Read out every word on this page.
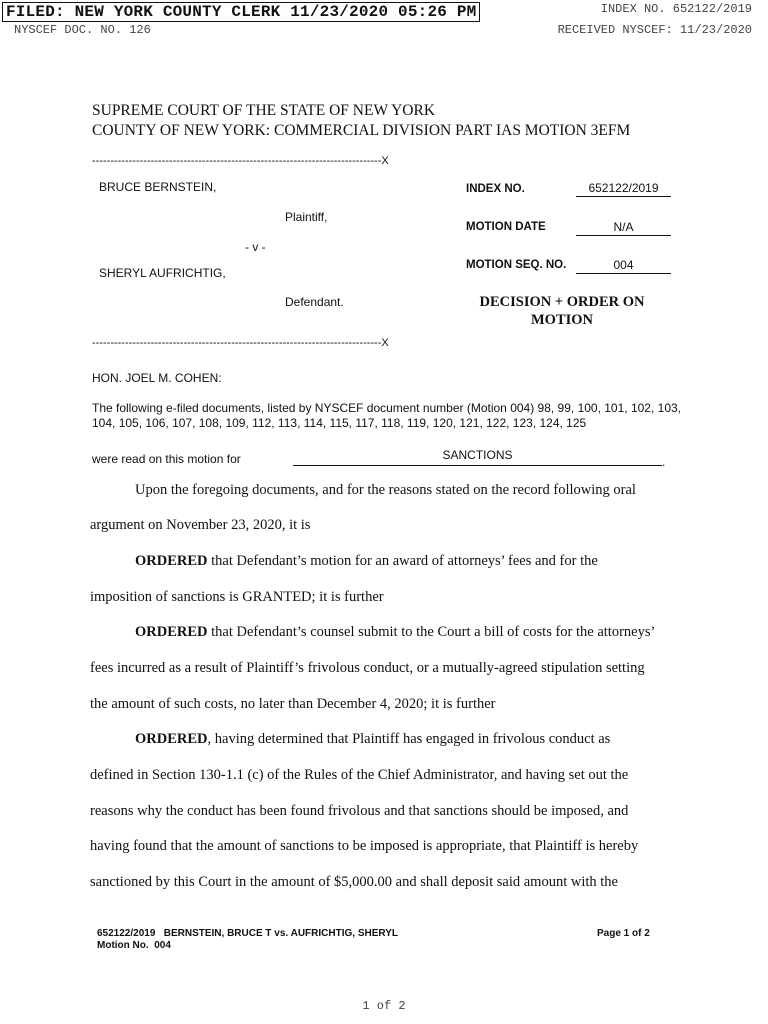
FILED: NEW YORK COUNTY CLERK 11/23/2020 05:26 PM	INDEX NO. 652122/2019
NYSCEF DOC. NO. 126	RECEIVED NYSCEF: 11/23/2020
SUPREME COURT OF THE STATE OF NEW YORK
COUNTY OF NEW YORK: COMMERCIAL DIVISION PART IAS MOTION 3EFM
-------------------------------------------------------------------------------X
BRUCE BERNSTEIN,
Plaintiff,
- v -
SHERYL AUFRICHTIG,
Defendant.
INDEX NO.	652122/2019
MOTION DATE	N/A
MOTION SEQ. NO.	004
DECISION + ORDER ON MOTION
-------------------------------------------------------------------------------X
HON. JOEL M. COHEN:
The following e-filed documents, listed by NYSCEF document number (Motion 004) 98, 99, 100, 101, 102, 103, 104, 105, 106, 107, 108, 109, 112, 113, 114, 115, 117, 118, 119, 120, 121, 122, 123, 124, 125
were read on this motion for	SANCTIONS	.
Upon the foregoing documents, and for the reasons stated on the record following oral
argument on November 23, 2020, it is
ORDERED that Defendant’s motion for an award of attorneys’ fees and for the
imposition of sanctions is GRANTED; it is further
ORDERED that Defendant’s counsel submit to the Court a bill of costs for the attorneys’
fees incurred as a result of Plaintiff’s frivolous conduct, or a mutually-agreed stipulation setting
the amount of such costs, no later than December 4, 2020; it is further
ORDERED, having determined that Plaintiff has engaged in frivolous conduct as
defined in Section 130-1.1 (c) of the Rules of the Chief Administrator, and having set out the
reasons why the conduct has been found frivolous and that sanctions should be imposed, and
having found that the amount of sanctions to be imposed is appropriate, that Plaintiff is hereby
sanctioned by this Court in the amount of $5,000.00 and shall deposit said amount with the
652122/2019   BERNSTEIN, BRUCE T vs. AUFRICHTIG, SHERYL
Motion No.  004
Page 1 of 2
1 of 2
